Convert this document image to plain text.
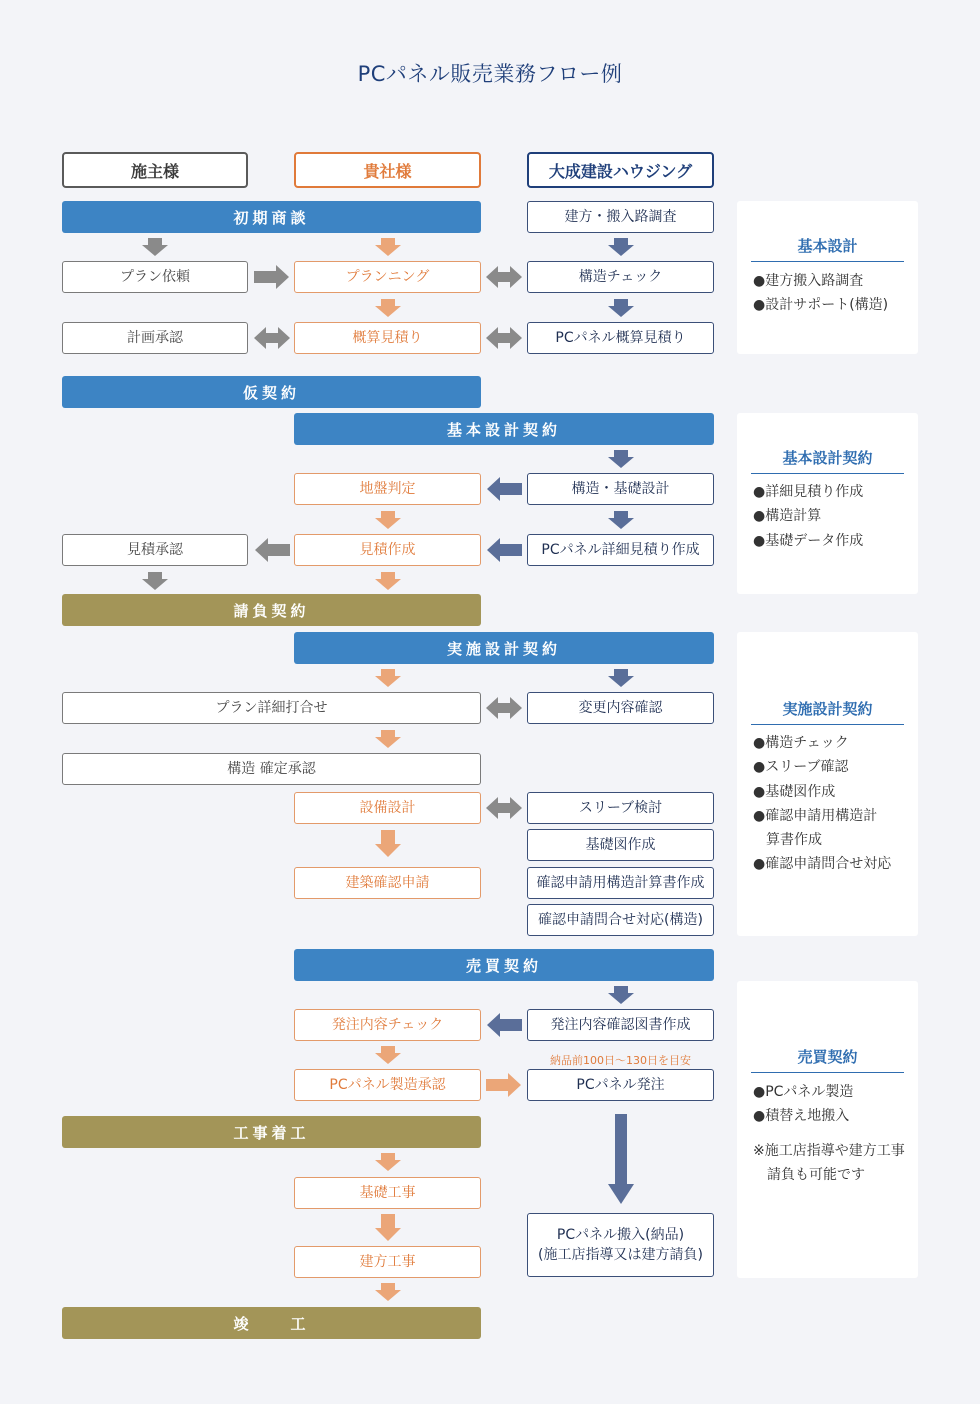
PCパネル販売業務フロー例
施主様	貴社様	大成建設ハウジング
初期商談
仮契約
基本設計契約
請負契約
実施設計契約
売買契約
工事着工
竣　　工
建方・搬入路調査
プラン依頼	プランニング	構造チェック
計画承認	概算見積り	PCパネル概算見積り
地盤判定	構造・基礎設計
見積承認	見積作成	PCパネル詳細見積り作成
プラン詳細打合せ	変更内容確認
構造 確定承認
設備設計	スリーブ検討
基礎図作成
建築確認申請	確認申請用構造計算書作成
確認申請問合せ対応(構造)
発注内容チェック	発注内容確認図書作成
納品前100日〜130日を目安
PCパネル製造承認	PCパネル発注
基礎工事
建方工事
PCパネル搬入(納品)
(施工店指導又は建方請負)
基本設計
●建方搬入路調査
●設計サポート(構造)
基本設計契約
●詳細見積り作成
●構造計算
●基礎データ作成
実施設計契約
●構造チェック
●スリーブ確認
●基礎図作成
●確認申請用構造計算書作成
●確認申請問合せ対応
売買契約
●PCパネル製造
●積替え地搬入
※施工店指導や建方工事請負も可能です
